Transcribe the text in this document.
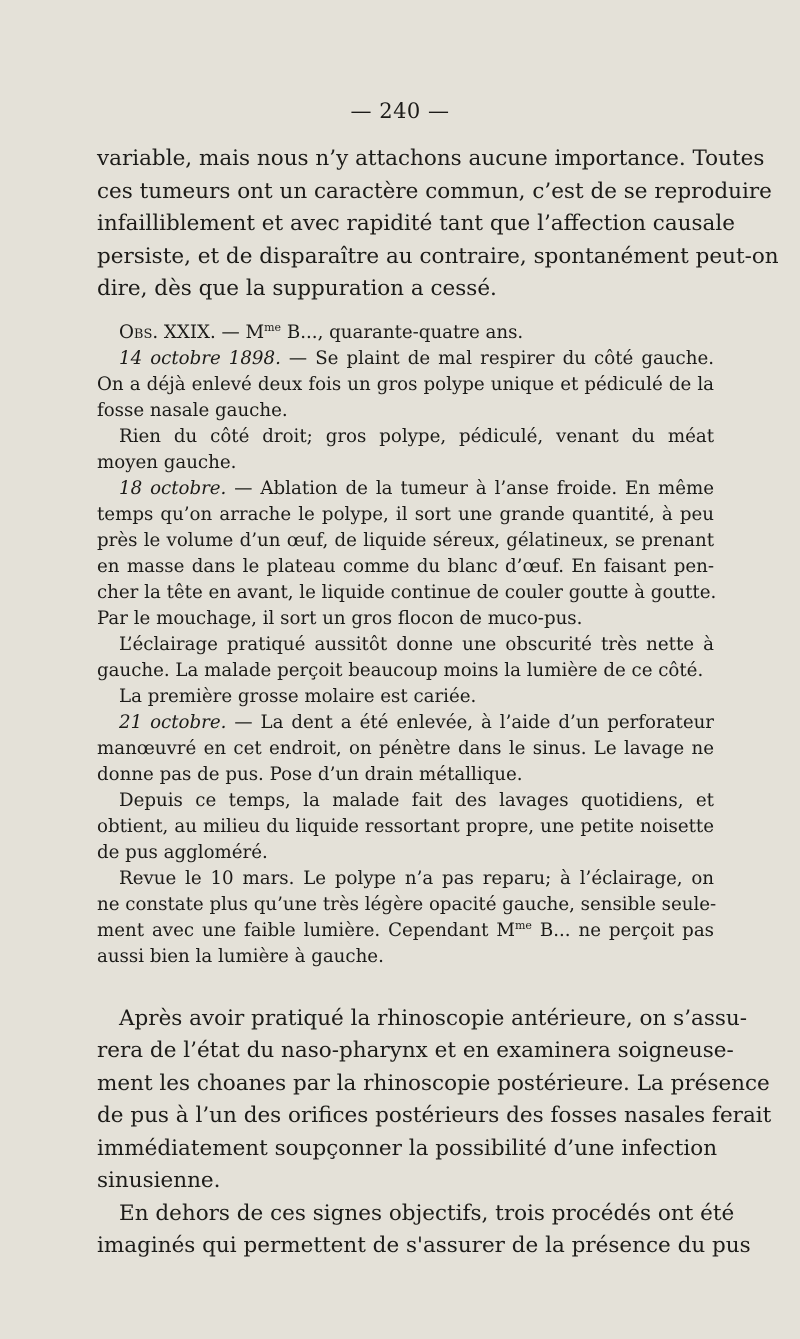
— 240 —

variable, mais nous n’y attachons aucune importance. Toutes
ces tumeurs ont un caractère commun, c’est de se reproduire
infailliblement et avec rapidité tant que l’affection causale
persiste, et de disparaître au contraire, spontanément peut-on
dire, dès que la suppuration a cessé.

Obs. XXIX. — $M^{me}$ B..., quarante-quatre ans.

14 octobre 1898. — Se plaint de mal respirer du côté gauche.
On a déjà enlevé deux fois un gros polype unique et pédiculé de la
fosse nasale gauche.

Rien du côté droit; gros polype, pédiculé, venant du méat
moyen gauche.

18 octobre. — Ablation de la tumeur à l’anse froide. En même
temps qu’on arrache le polype, il sort une grande quantité, à peu
près le volume d’un œuf, de liquide séreux, gélatineux, se prenant
en masse dans le plateau comme du blanc d’œuf. En faisant pen-
cher la tête en avant, le liquide continue de couler goutte à goutte.
Par le mouchage, il sort un gros flocon de muco-pus.

L’éclairage pratiqué aussitôt donne une obscurité très nette à
gauche. La malade perçoit beaucoup moins la lumière de ce côté.

La première grosse molaire est cariée.

21 octobre. — La dent a été enlevée, à l’aide d’un perforateur
manœuvré en cet endroit, on pénètre dans le sinus. Le lavage ne
donne pas de pus. Pose d’un drain métallique.

Depuis ce temps, la malade fait des lavages quotidiens, et
obtient, au milieu du liquide ressortant propre, une petite noisette
de pus aggloméré.

Revue le 10 mars. Le polype n’a pas reparu; à l’éclairage, on
ne constate plus qu’une très légère opacité gauche, sensible seule-
ment avec une faible lumière. Cependant $M^{me}$ B... ne perçoit pas
aussi bien la lumière à gauche.

Après avoir pratiqué la rhinoscopie antérieure, on s’assu-
rera de l’état du naso-pharynx et en examinera soigneuse-
ment les choanes par la rhinoscopie postérieure. La présence
de pus à l’un des orifices postérieurs des fosses nasales ferait
immédiatement soupçonner la possibilité d’une infection
sinusienne.

En dehors de ces signes objectifs, trois procédés ont été
imaginés qui permettent de s'assurer de la présence du pus
